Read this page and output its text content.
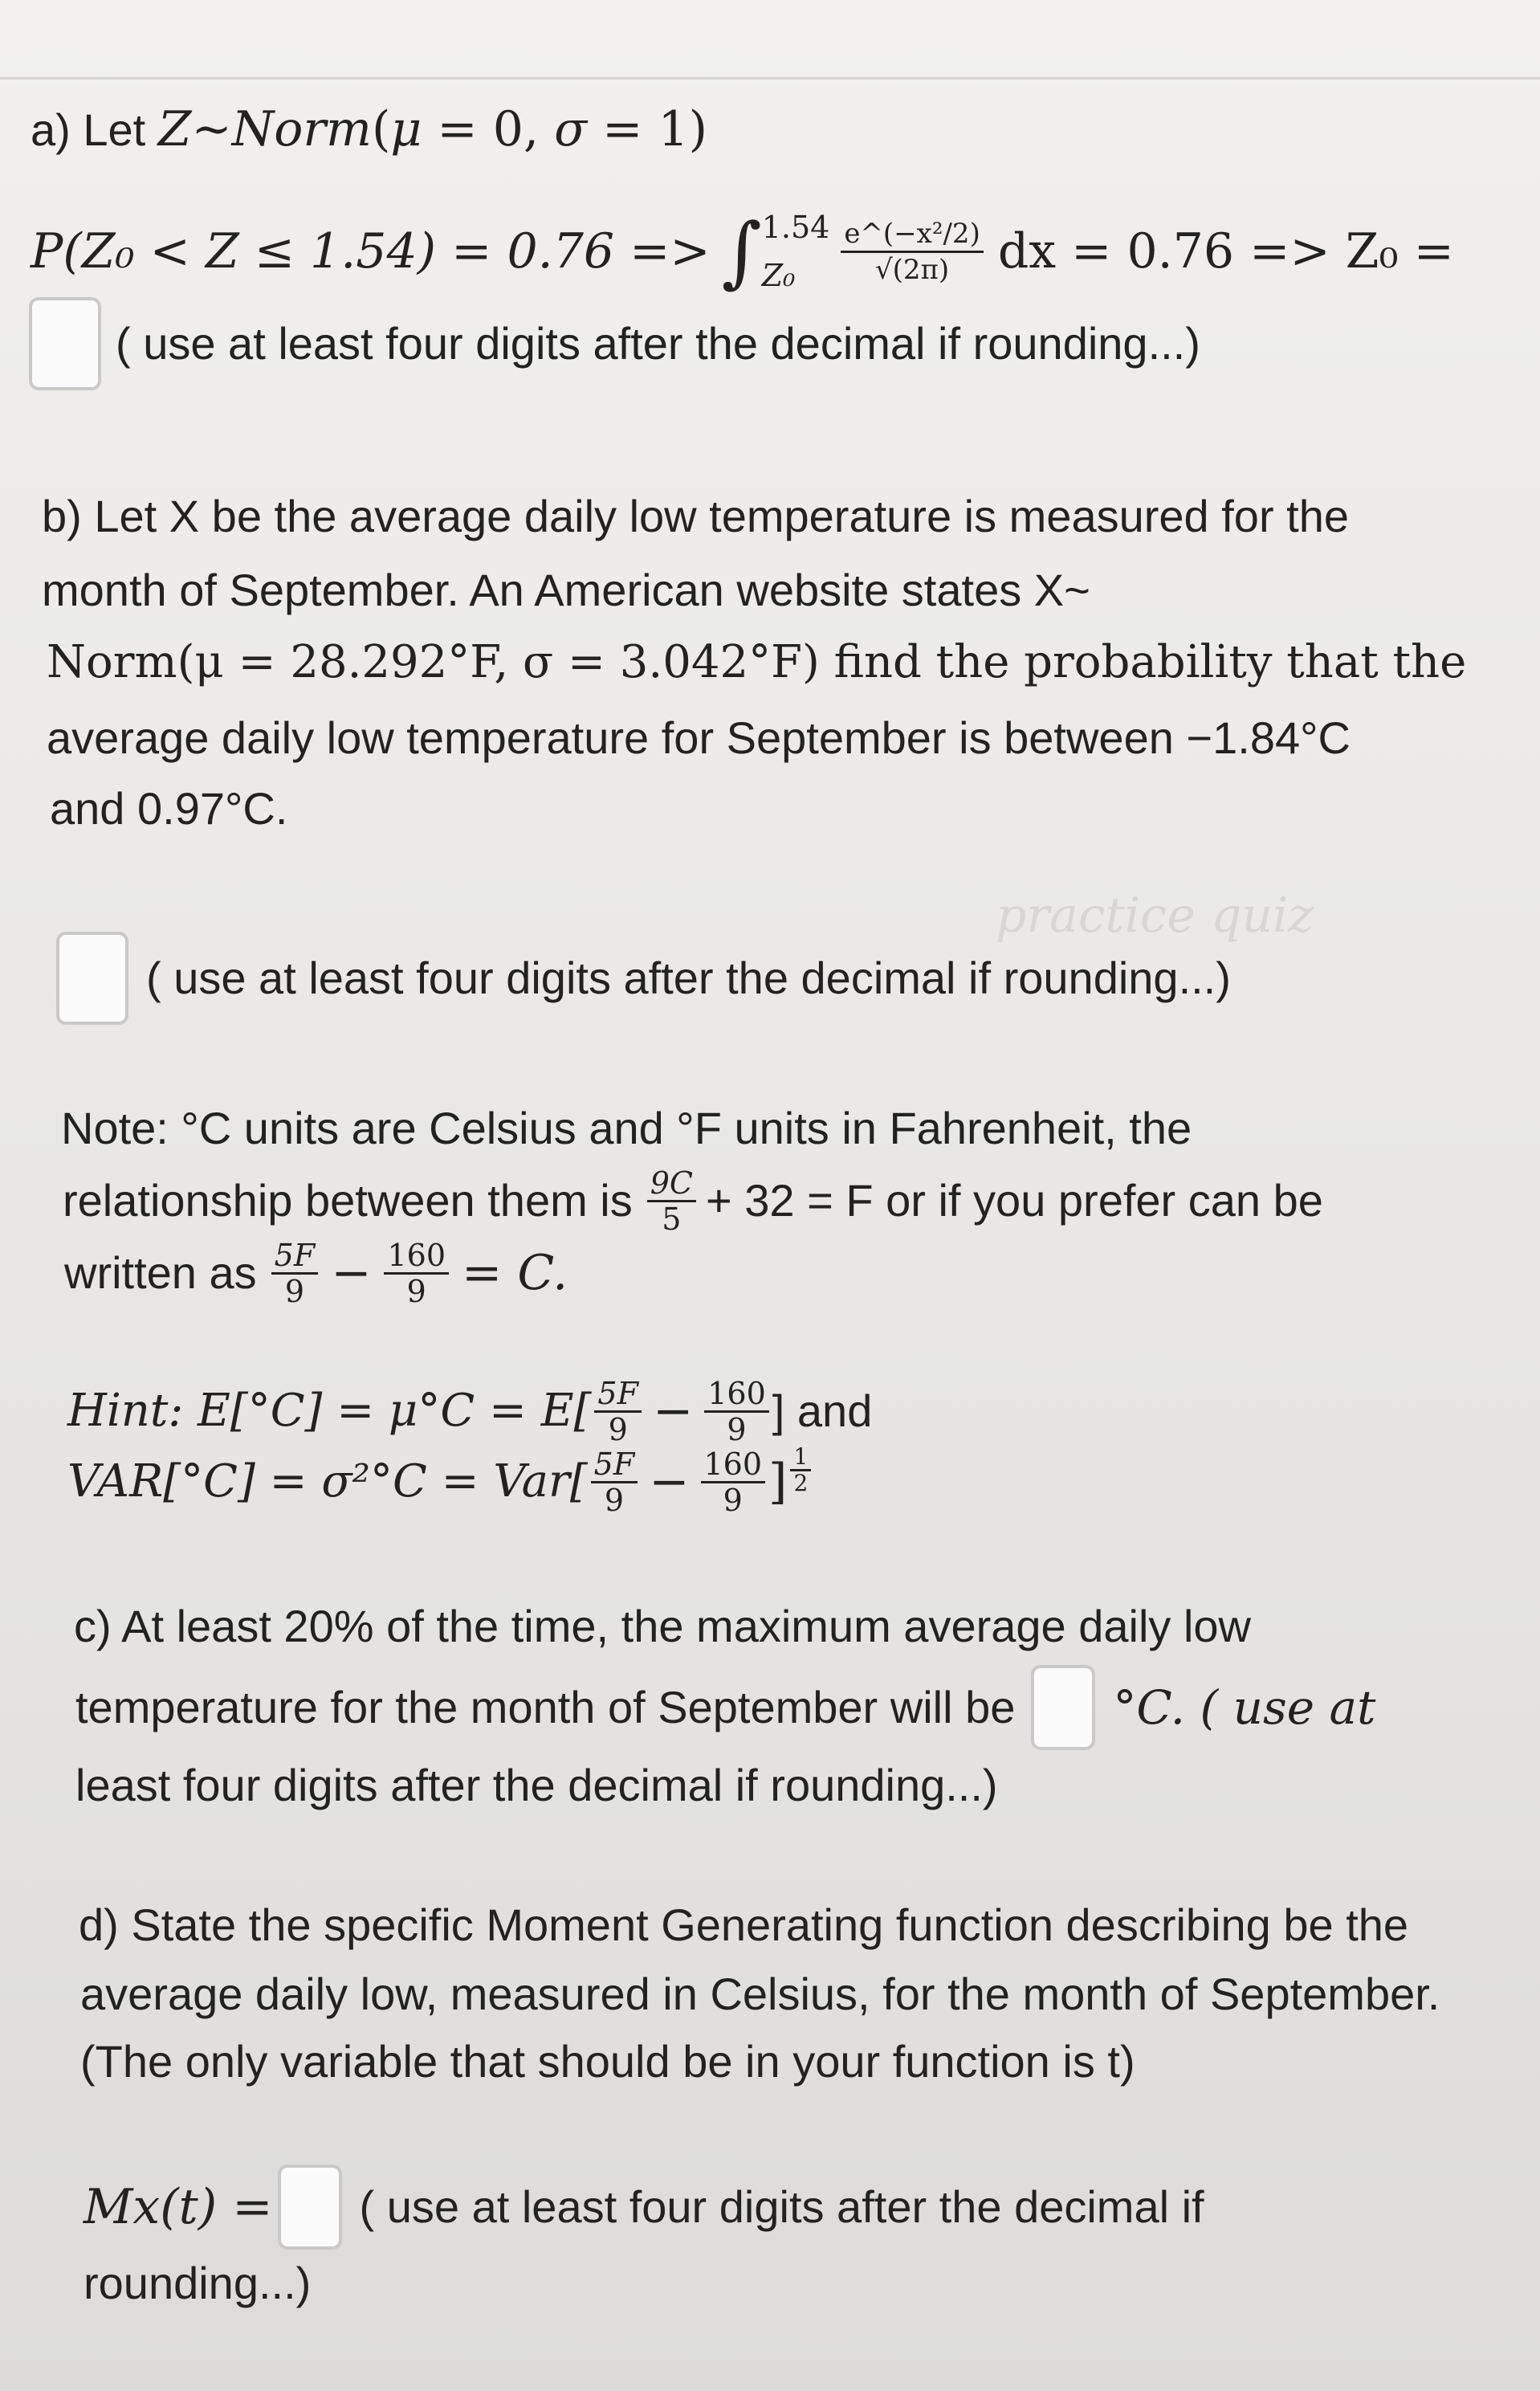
practice quiz
a) Let Z~Norm(μ = 0, σ = 1)
P(Z₀ < Z ≤ 1.54) = 0.76 => ∫ 1.54
Z₀	$\frac{\text{e\textasciicircum{}(−x²/2)}}{√(2\pi)}$ dx = 0.76 => Z₀ =
( use at least four digits after the decimal if rounding...)
b) Let X be the average daily low temperature is measured for the
month of September. An American website states X~
Norm(μ = 28.292°F, σ = 3.042°F) find the probability that the
average daily low temperature for September is between −1.84°C
and 0.97°C.
( use at least four digits after the decimal if rounding...)
Note: °C units are Celsius and °F units in Fahrenheit, the
relationship between them is $\frac{9C}{5} + 32 = F$ or if you prefer can be
written as $\frac{5F}{9} - \frac{160}{9} = C$.
Hint: $E[^\circ C] = \mu^\circ C = E[ \frac{5F}{9} - \frac{160}{9}$ ] and
$VAR[^\circ C] = \sigma^2^\circ C = Var[ \frac{5F}{9} - \frac{160}{9}$ ] $\frac{1}{2}$
c) At least 20% of the time, the maximum average daily low
temperature for the month of September will be °C. ( use at
least four digits after the decimal if rounding...)
d) State the specific Moment Generating function describing be the
average daily low, measured in Celsius, for the month of September.
(The only variable that should be in your function is t)
Mx(t) = ( use at least four digits after the decimal if
rounding...)
